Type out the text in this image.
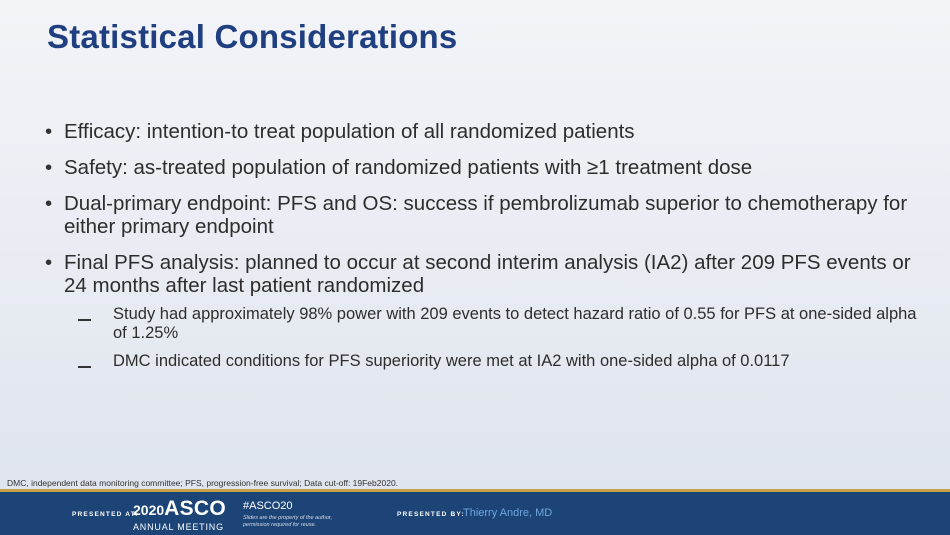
Statistical Considerations
• Efficacy: intention-to treat population of all randomized patients
• Safety: as-treated population of randomized patients with ≥1 treatment dose
• Dual-primary endpoint: PFS and OS: success if pembrolizumab superior to chemotherapy for either primary endpoint
• Final PFS analysis: planned to occur at second interim analysis (IA2) after 209 PFS events or 24 months after last patient randomized
Study had approximately 98% power with 209 events to detect hazard ratio of 0.55 for PFS at one-sided alpha of 1.25%
DMC indicated conditions for PFS superiority were met at IA2 with one-sided alpha of 0.0117
DMC, independent data monitoring committee; PFS, progression-free survival; Data cut-off: 19Feb2020.
PRESENTED AT:
2020ASCO
ANNUAL MEETING
#ASCO20
Slides are the property of the author, permission required for reuse.
PRESENTED BY:
Thierry Andre, MD
